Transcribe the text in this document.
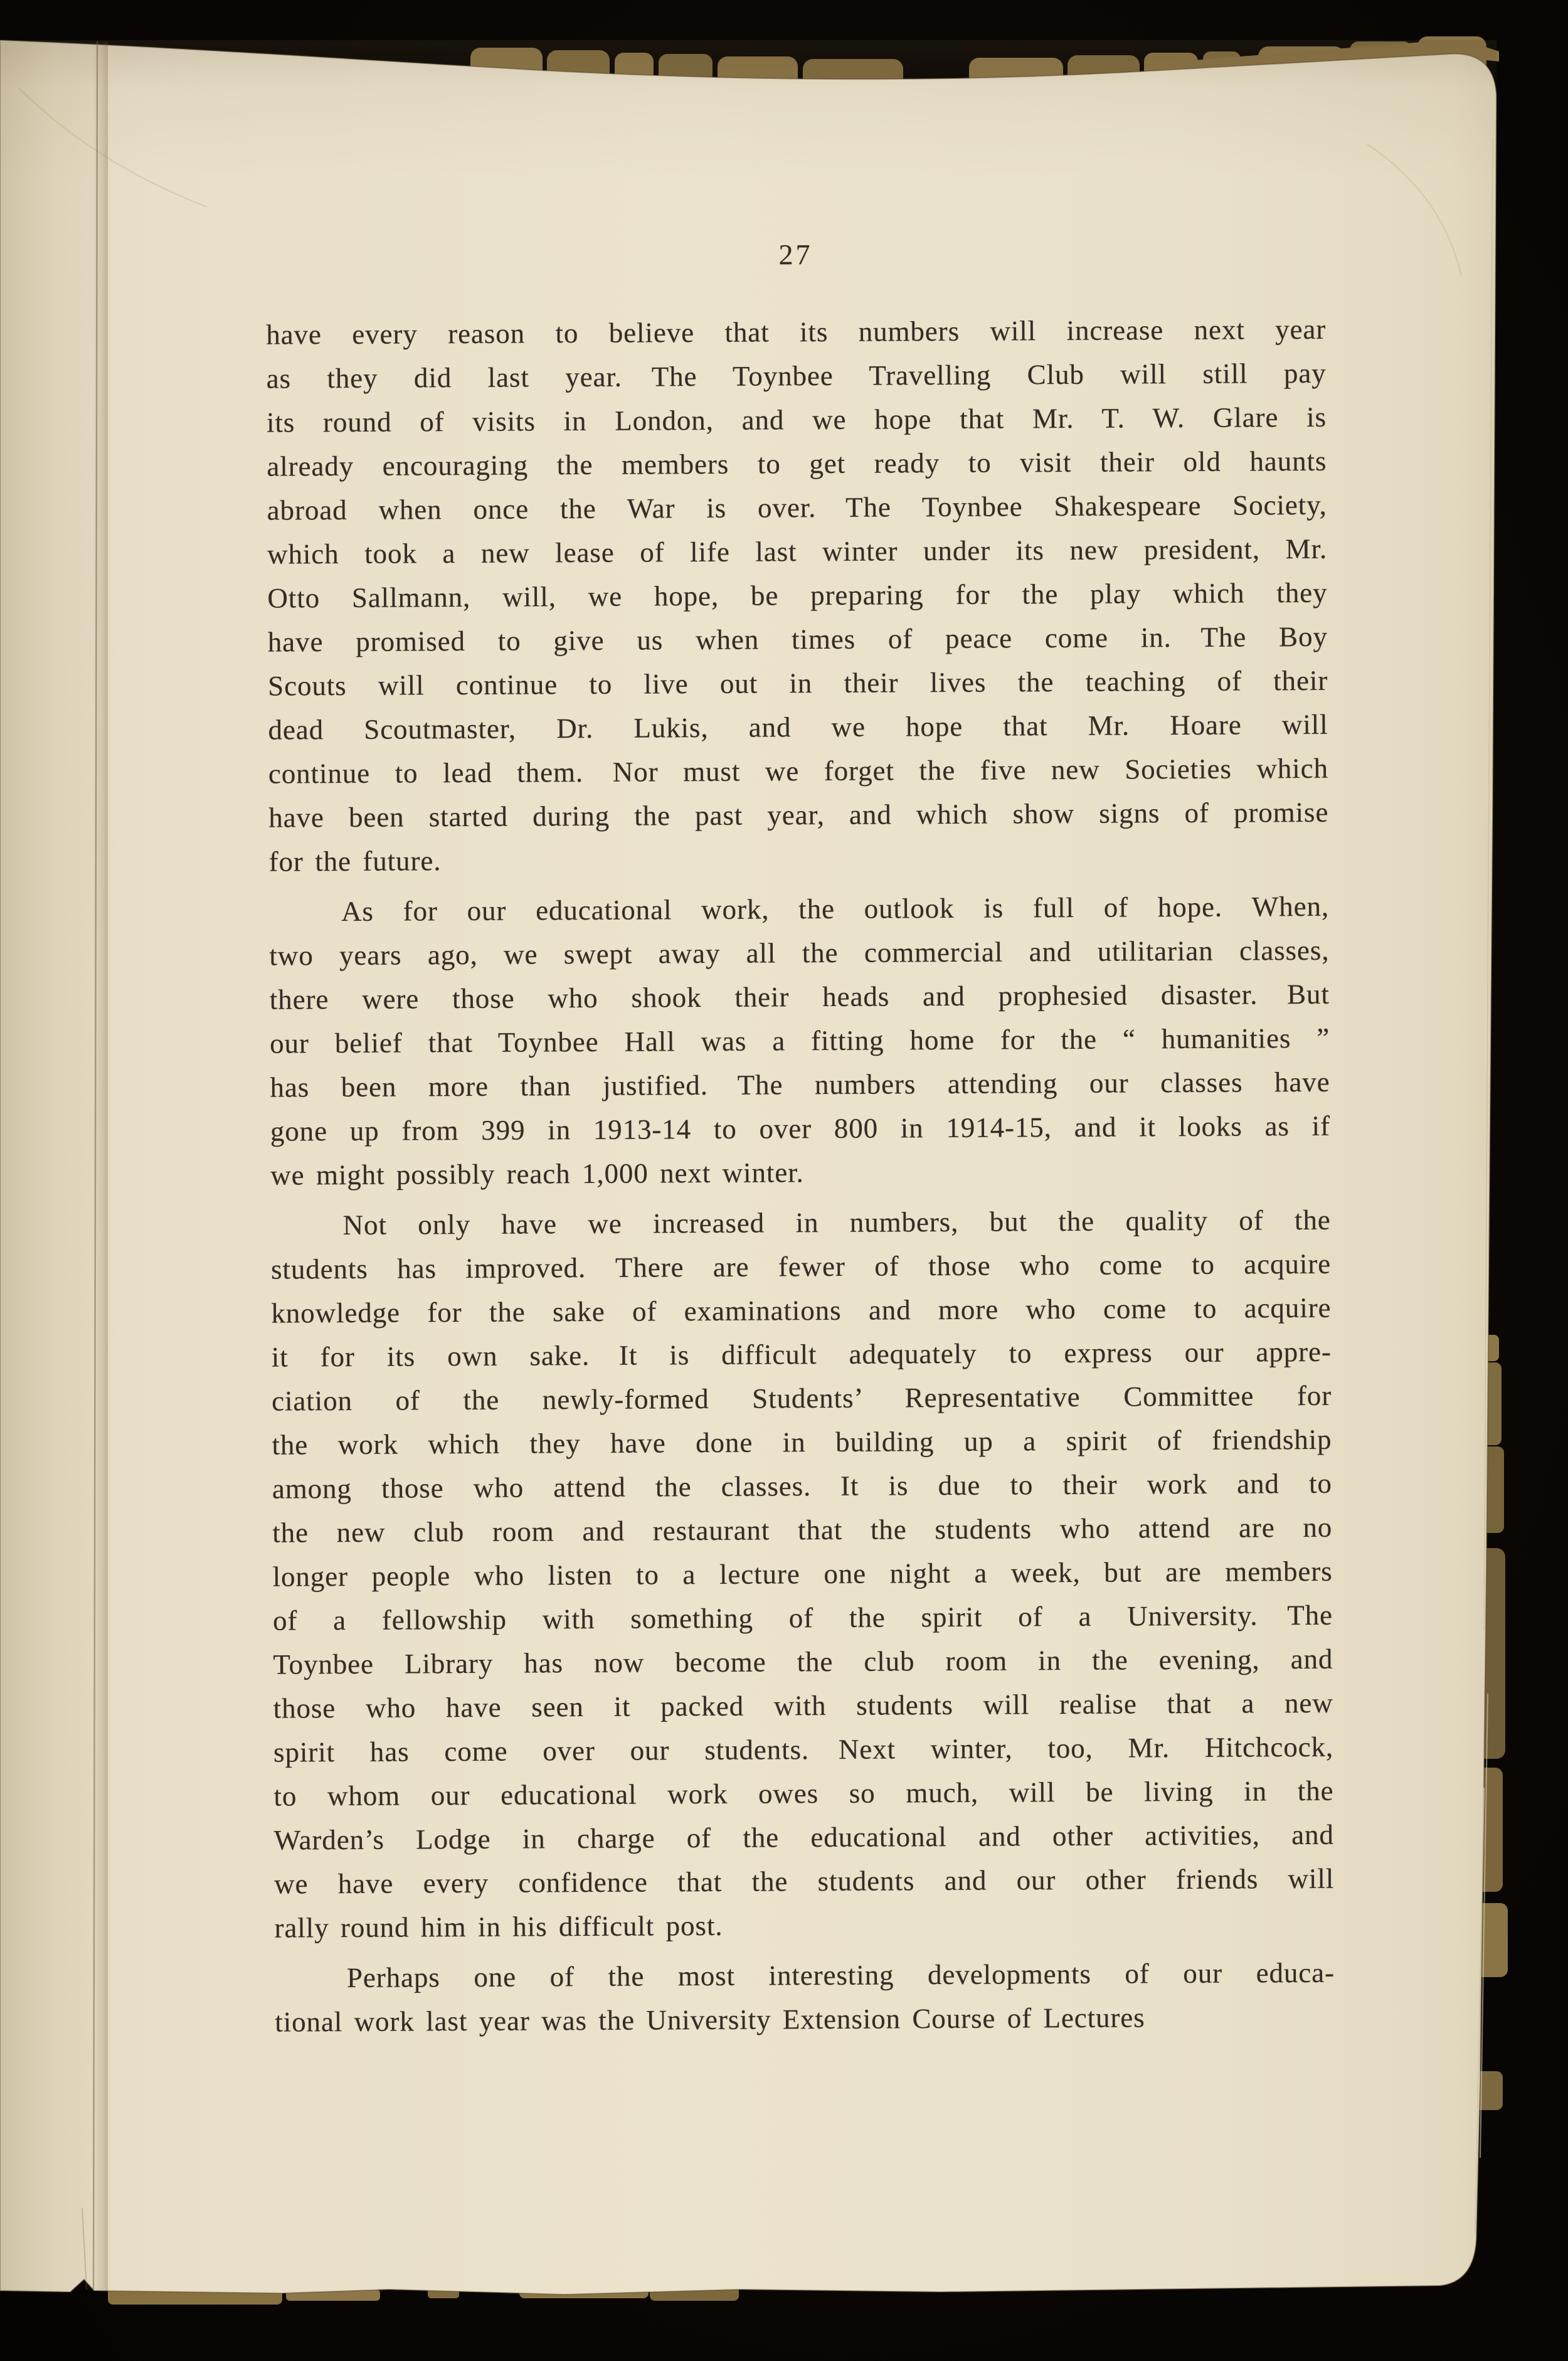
27
have every reason to believe that its numbers will increase next year
as they did last year.  The Toynbee Travelling Club will still pay
its round of visits in London, and we hope that Mr. T. W. Glare is
already encouraging the members to get ready to visit their old haunts
abroad when once the War is over.  The Toynbee Shakespeare Society,
which took a new lease of life last winter under its new president, Mr.
Otto Sallmann, will, we hope, be preparing for the play which they
have promised to give us when times of peace come in.  The Boy
Scouts will continue to live out in their lives the teaching of their
dead Scoutmaster, Dr. Lukis, and we hope that Mr. Hoare will
continue to lead them.  Nor must we forget the five new Societies which
have been started during the past year, and which show signs of promise
for the future.
As for our educational work, the outlook is full of hope.  When,
two years ago, we swept away all the commercial and utilitarian classes,
there were those who shook their heads and prophesied disaster.  But
our belief that Toynbee Hall was a fitting home for the “ humanities ”
has been more than justified.  The numbers attending our classes have
gone up from 399 in 1913-14 to over 800 in 1914-15, and it looks as if
we might possibly reach 1,000 next winter.
Not only have we increased in numbers, but the quality of the
students has improved.  There are fewer of those who come to acquire
knowledge for the sake of examinations and more who come to acquire
it for its own sake.  It is difficult adequately to express our appre-
ciation of the newly-formed Students’ Representative Committee for
the work which they have done in building up a spirit of friendship
among those who attend the classes.  It is due to their work and to
the new club room and restaurant that the students who attend are no
longer people who listen to a lecture one night a week, but are members
of a fellowship with something of the spirit of a University.  The
Toynbee Library has now become the club room in the evening, and
those who have seen it packed with students will realise that a new
spirit has come over our students.  Next winter, too, Mr. Hitchcock,
to whom our educational work owes so much, will be living in the
Warden’s Lodge in charge of the educational and other activities, and
we have every confidence that the students and our other friends will
rally round him in his difficult post.
Perhaps one of the most interesting developments of our educa-
tional work last year was the University Extension Course of Lectures
